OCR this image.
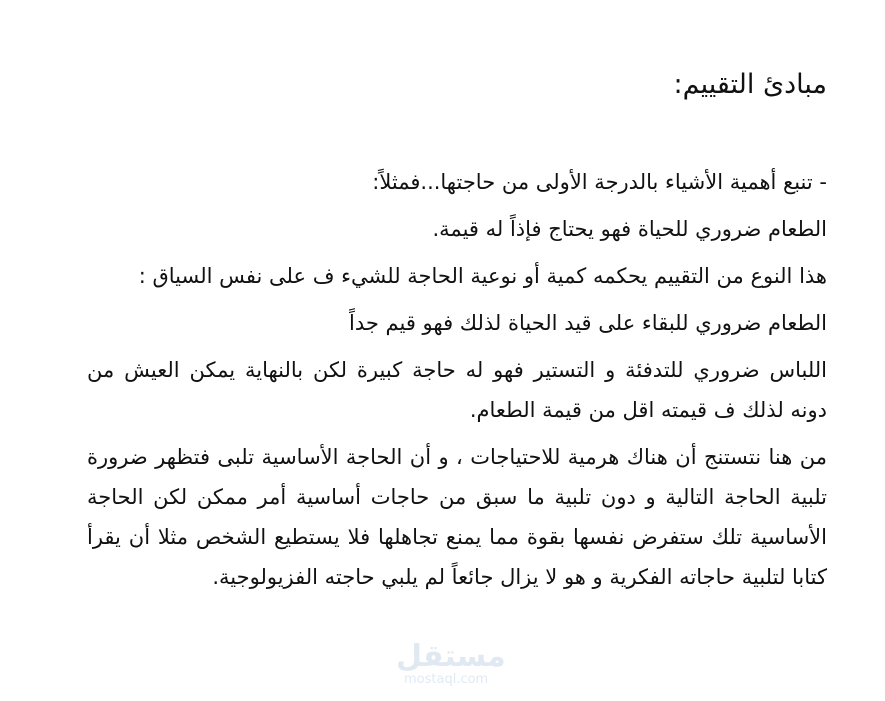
مبادئ التقييم:

- تنبع أهمية الأشياء بالدرجة الأولى من حاجتها...فمثلاً:

الطعام ضروري للحياة فهو يحتاج فإذاً له قيمة.

هذا النوع من التقييم يحكمه كمية أو نوعية الحاجة للشيء ف على نفس السياق :

الطعام ضروري للبقاء على قيد الحياة لذلك فهو قيم جداً

اللباس ضروري للتدفئة و التستير فهو له حاجة كبيرة لكن بالنهاية يمكن العيش من دونه لذلك ف قيمته اقل من قيمة الطعام.

من هنا نتستنج أن هناك هرمية للاحتياجات ، و أن الحاجة الأساسية تلبى فتظهر ضرورة تلبية الحاجة التالية و دون تلبية ما سبق من حاجات أساسية أمر ممكن لكن الحاجة الأساسية تلك ستفرض نفسها بقوة مما يمنع تجاهلها فلا يستطيع الشخص مثلا أن يقرأ كتابا لتلبية حاجاته الفكرية و هو لا يزال جائعاً لم يلبي حاجته الفزيولوجية.

مستقل
mostaql.com
